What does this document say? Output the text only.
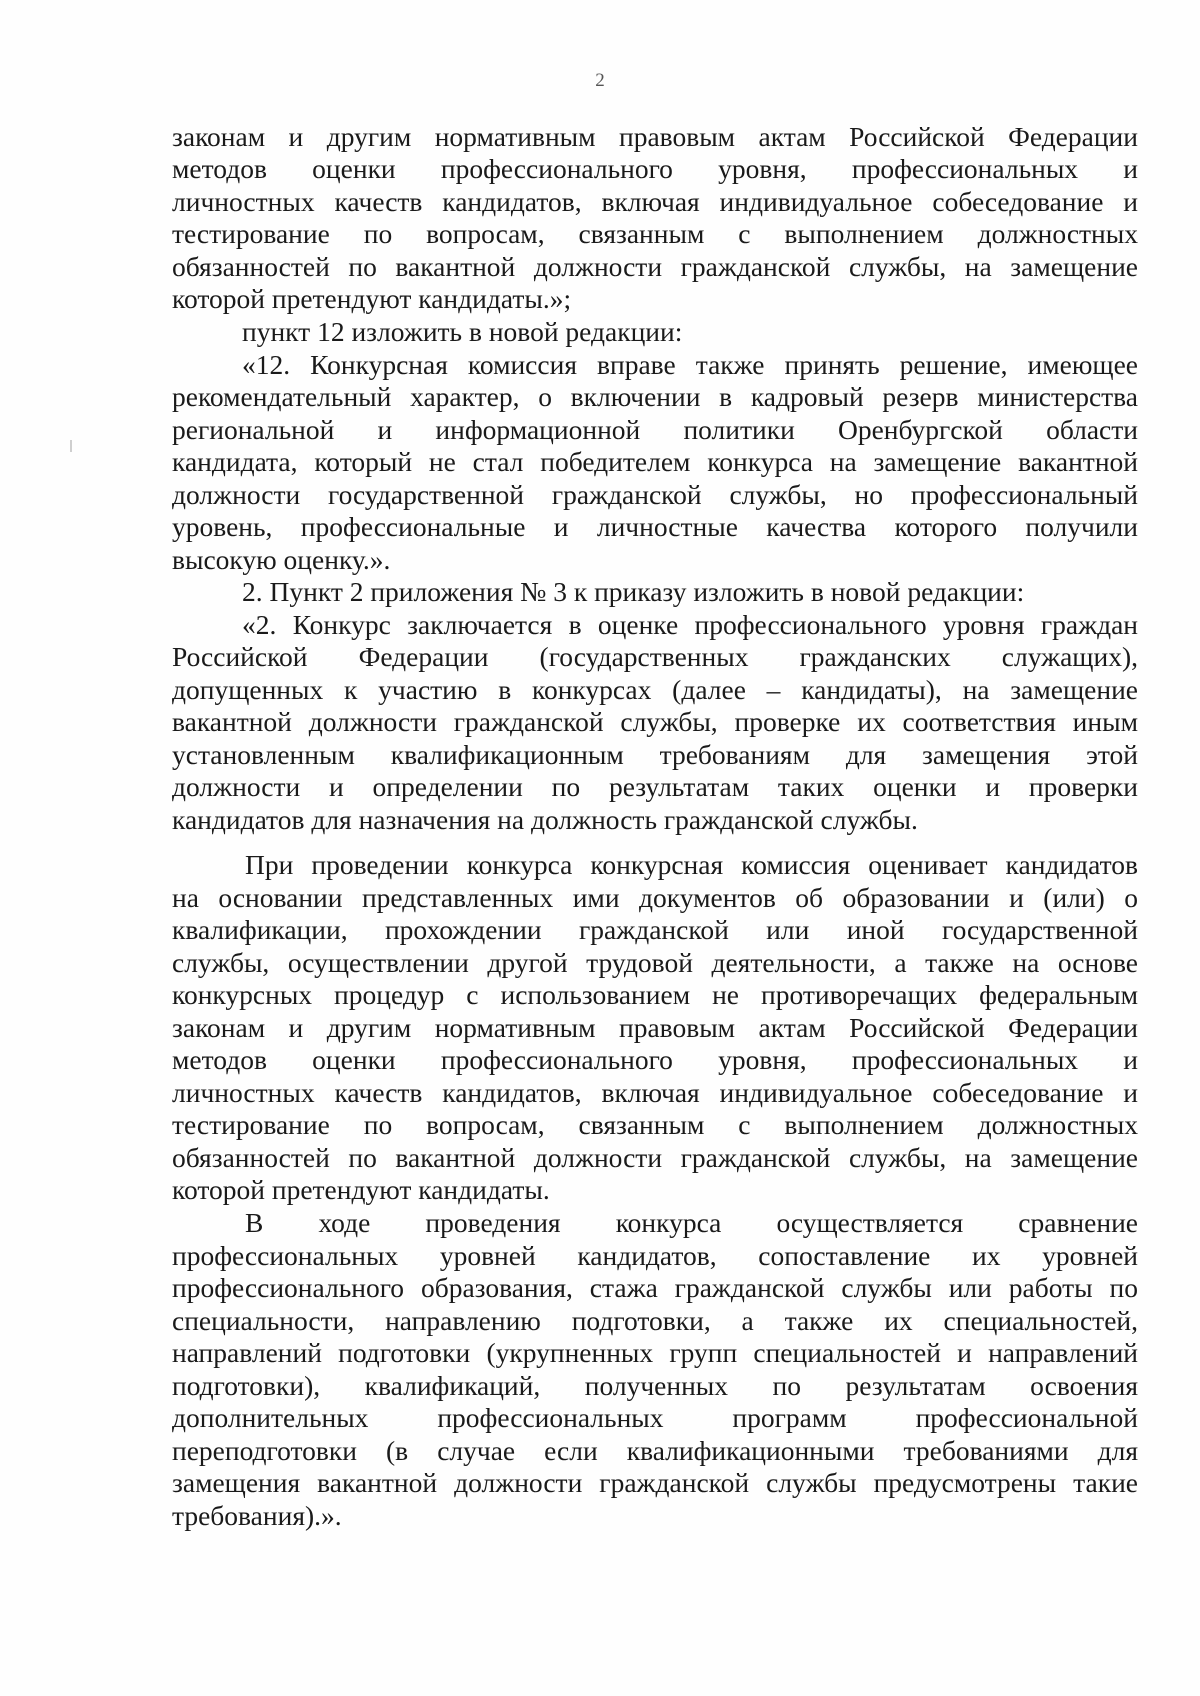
2
законам и другим нормативным правовым актам Российской Федерации
методов оценки профессионального уровня, профессиональных и
личностных качеств кандидатов, включая индивидуальное собеседование и
тестирование по вопросам, связанным с выполнением должностных
обязанностей по вакантной должности гражданской службы, на замещение
которой претендуют кандидаты.»;
пункт 12 изложить в новой редакции:
«12. Конкурсная комиссия вправе также принять решение, имеющее
рекомендательный характер, о включении в кадровый резерв министерства
региональной и информационной политики Оренбургской области
кандидата, который не стал победителем конкурса на замещение вакантной
должности государственной гражданской службы, но профессиональный
уровень, профессиональные и личностные качества которого получили
высокую оценку.».
2. Пункт 2 приложения № 3 к приказу изложить в новой редакции:
«2. Конкурс заключается в оценке профессионального уровня граждан
Российской Федерации (государственных гражданских служащих),
допущенных к участию в конкурсах (далее – кандидаты), на замещение
вакантной должности гражданской службы, проверке их соответствия иным
установленным квалификационным требованиям для замещения этой
должности и определении по результатам таких оценки и проверки
кандидатов для назначения на должность гражданской службы.
При проведении конкурса конкурсная комиссия оценивает кандидатов
на основании представленных ими документов об образовании и (или) о
квалификации, прохождении гражданской или иной государственной
службы, осуществлении другой трудовой деятельности, а также на основе
конкурсных процедур с использованием не противоречащих федеральным
законам и другим нормативным правовым актам Российской Федерации
методов оценки профессионального уровня, профессиональных и
личностных качеств кандидатов, включая индивидуальное собеседование и
тестирование по вопросам, связанным с выполнением должностных
обязанностей по вакантной должности гражданской службы, на замещение
которой претендуют кандидаты.
В ходе проведения конкурса осуществляется сравнение
профессиональных уровней кандидатов, сопоставление их уровней
профессионального образования, стажа гражданской службы или работы по
специальности, направлению подготовки, а также их специальностей,
направлений подготовки (укрупненных групп специальностей и направлений
подготовки), квалификаций, полученных по результатам освоения
дополнительных профессиональных программ профессиональной
переподготовки (в случае если квалификационными требованиями для
замещения вакантной должности гражданской службы предусмотрены такие
требования).».
